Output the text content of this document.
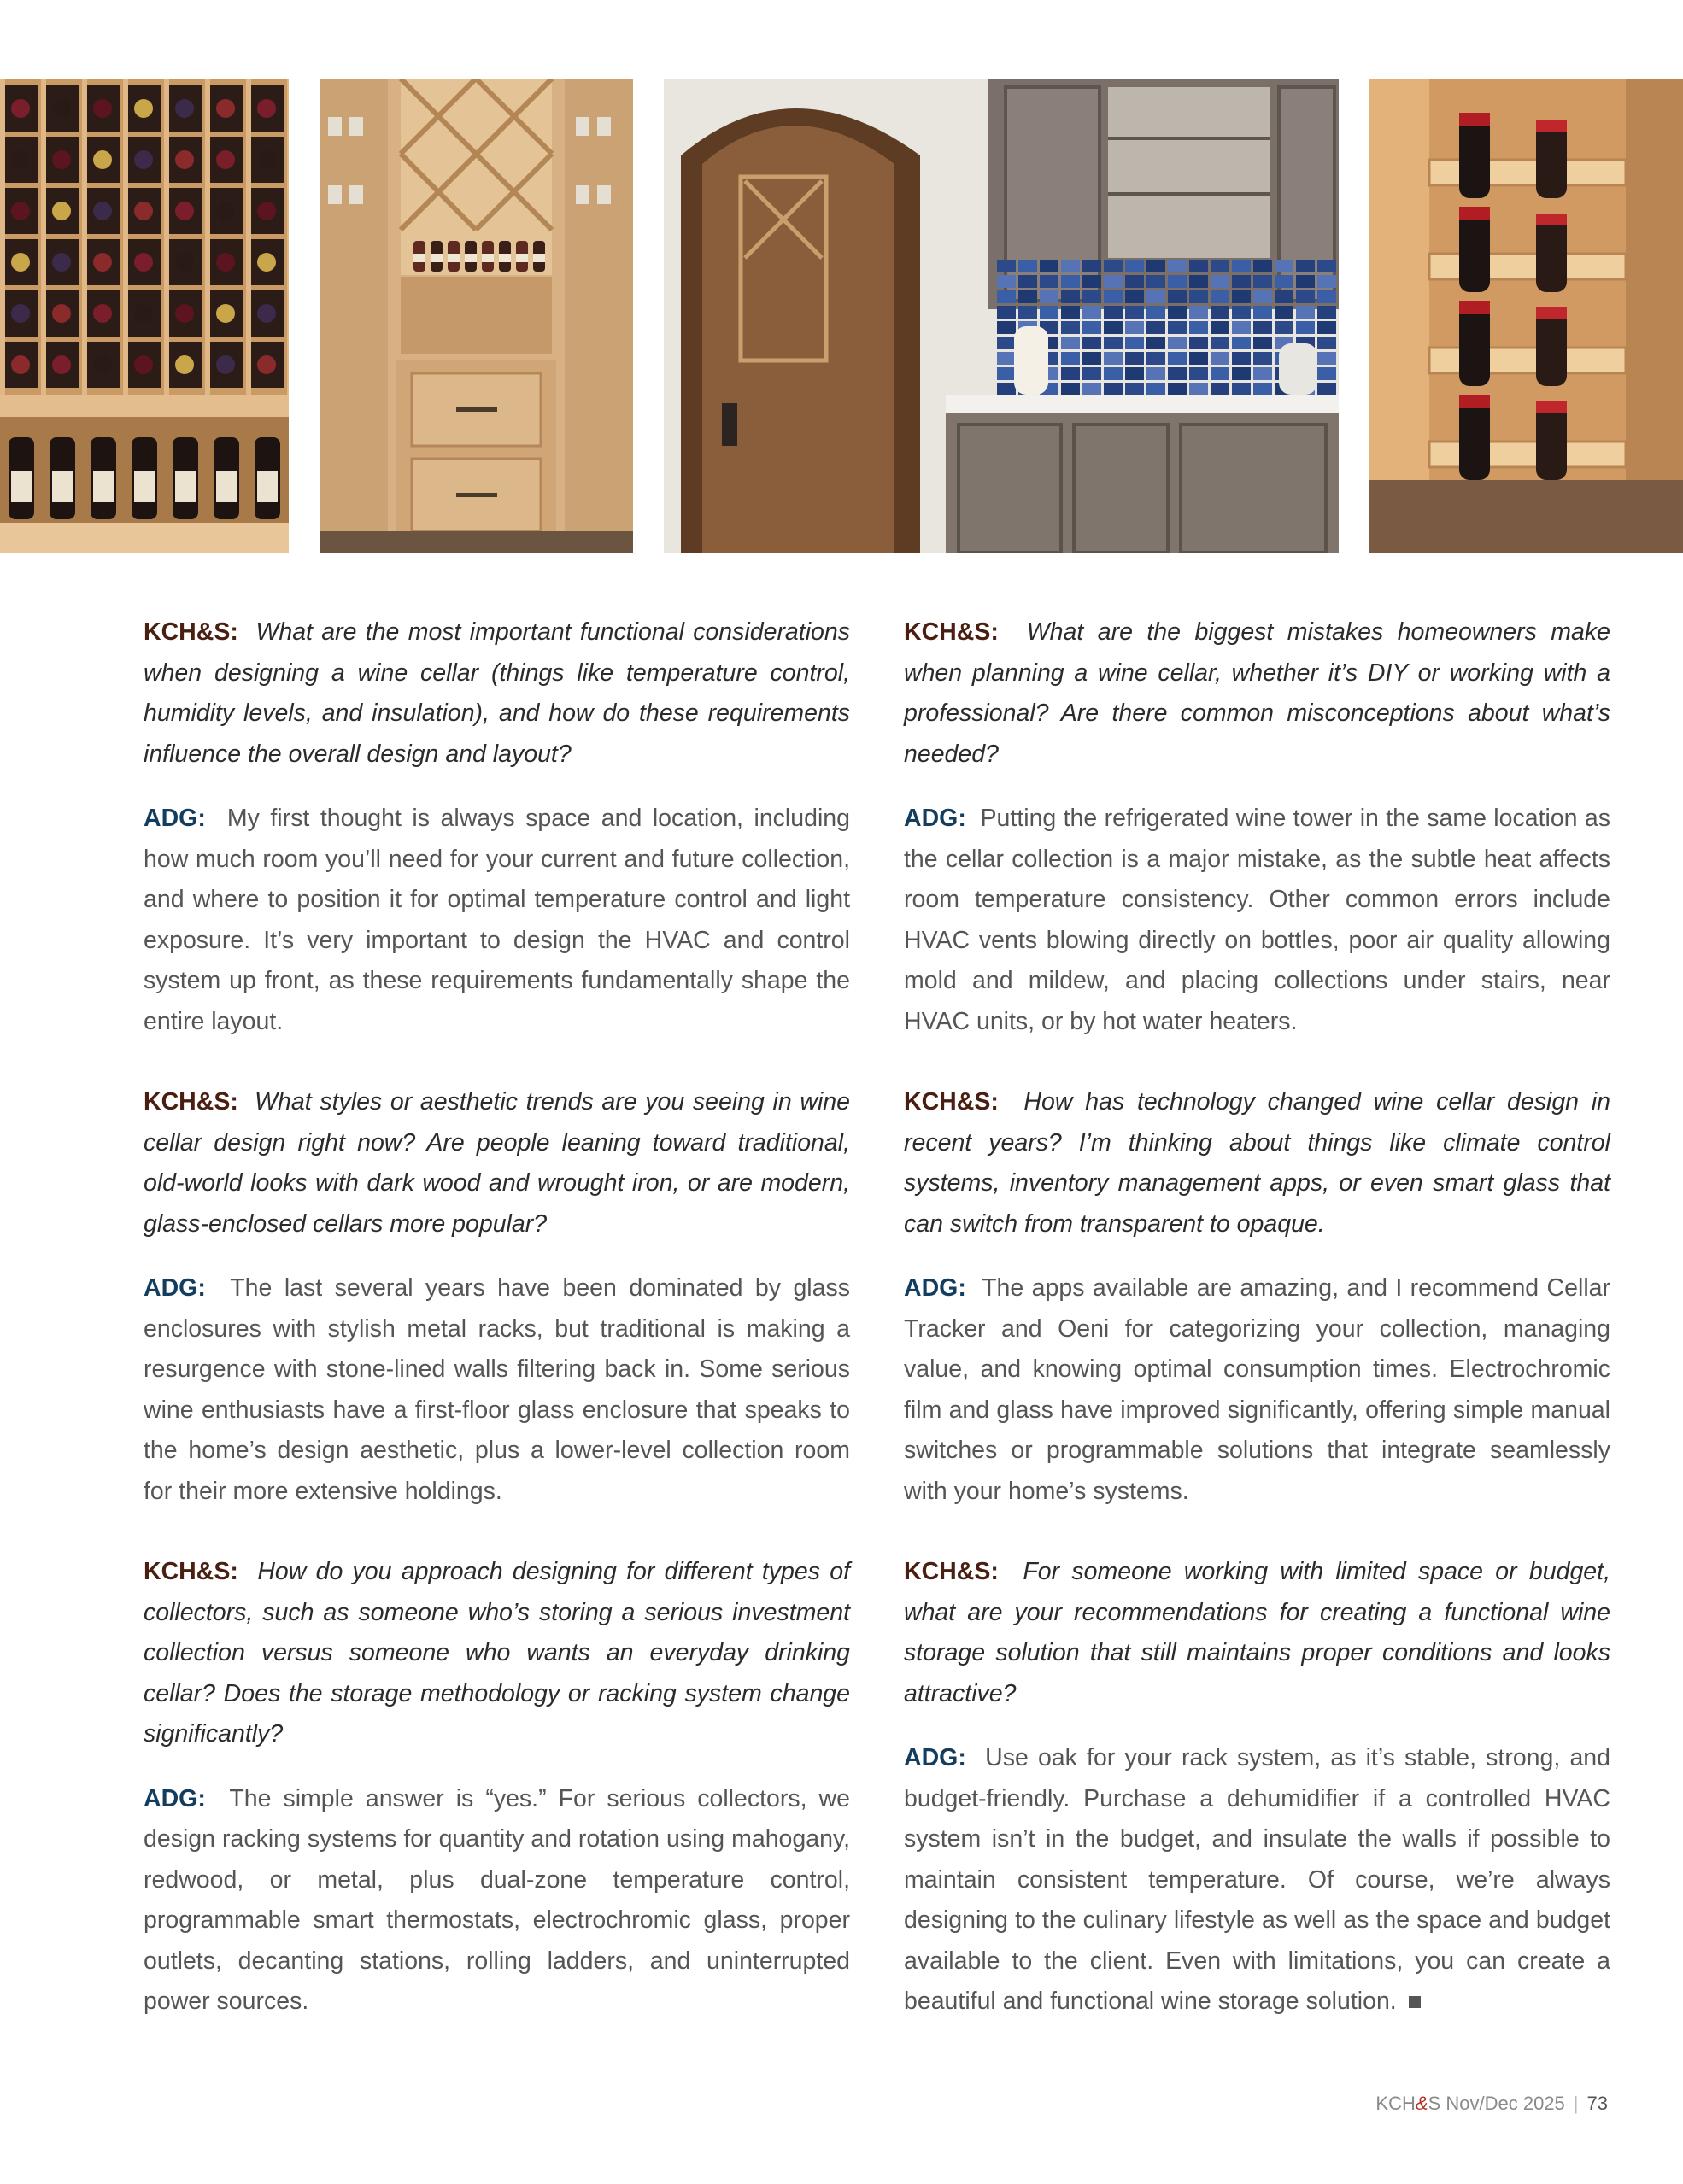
KCH&S: What are the most important functional considerations when designing a wine cellar (things like temperature control, humidity levels, and insulation), and how do these requirements influence the overall design and layout?

ADG: My first thought is always space and location, including how much room you’ll need for your current and future collection, and where to position it for optimal temperature control and light exposure. It’s very important to design the HVAC and control system up front, as these requirements fundamentally shape the entire layout.

KCH&S: What styles or aesthetic trends are you seeing in wine cellar design right now? Are people leaning toward traditional, old-world looks with dark wood and wrought iron, or are modern, glass-enclosed cellars more popular?

ADG: The last several years have been dominated by glass enclosures with stylish metal racks, but traditional is making a resurgence with stone-lined walls filtering back in. Some serious wine enthusiasts have a first-floor glass enclosure that speaks to the home’s design aesthetic, plus a lower-level collection room for their more extensive holdings.

KCH&S: How do you approach designing for different types of collectors, such as someone who’s storing a serious investment collection versus someone who wants an everyday drinking cellar? Does the storage methodology or racking system change significantly?

ADG: The simple answer is “yes.” For serious collectors, we design racking systems for quantity and rotation using mahogany, redwood, or metal, plus dual-zone temperature control, programmable smart thermostats, electrochromic glass, proper outlets, decanting stations, rolling ladders, and uninterrupted power sources.

KCH&S: What are the biggest mistakes homeowners make when planning a wine cellar, whether it’s DIY or working with a professional? Are there common misconceptions about what’s needed?

ADG: Putting the refrigerated wine tower in the same location as the cellar collection is a major mistake, as the subtle heat affects room temperature consistency. Other common errors include HVAC vents blowing directly on bottles, poor air quality allowing mold and mildew, and placing collections under stairs, near HVAC units, or by hot water heaters.

KCH&S: How has technology changed wine cellar design in recent years? I’m thinking about things like climate control systems, inventory management apps, or even smart glass that can switch from transparent to opaque.

ADG: The apps available are amazing, and I recommend Cellar Tracker and Oeni for categorizing your collection, managing value, and knowing optimal consumption times. Electrochromic film and glass have improved significantly, offering simple manual switches or programmable solutions that integrate seamlessly with your home’s systems.

KCH&S: For someone working with limited space or budget, what are your recommendations for creating a functional wine storage solution that still maintains proper conditions and looks attractive?

ADG: Use oak for your rack system, as it’s stable, strong, and budget-friendly. Purchase a dehumidifier if a controlled HVAC system isn’t in the budget, and insulate the walls if possible to maintain consistent temperature. Of course, we’re always designing to the culinary lifestyle as well as the space and budget available to the client. Even with limitations, you can create a beautiful and functional wine storage solution.

KCH&S Nov/Dec 2025 | 73
